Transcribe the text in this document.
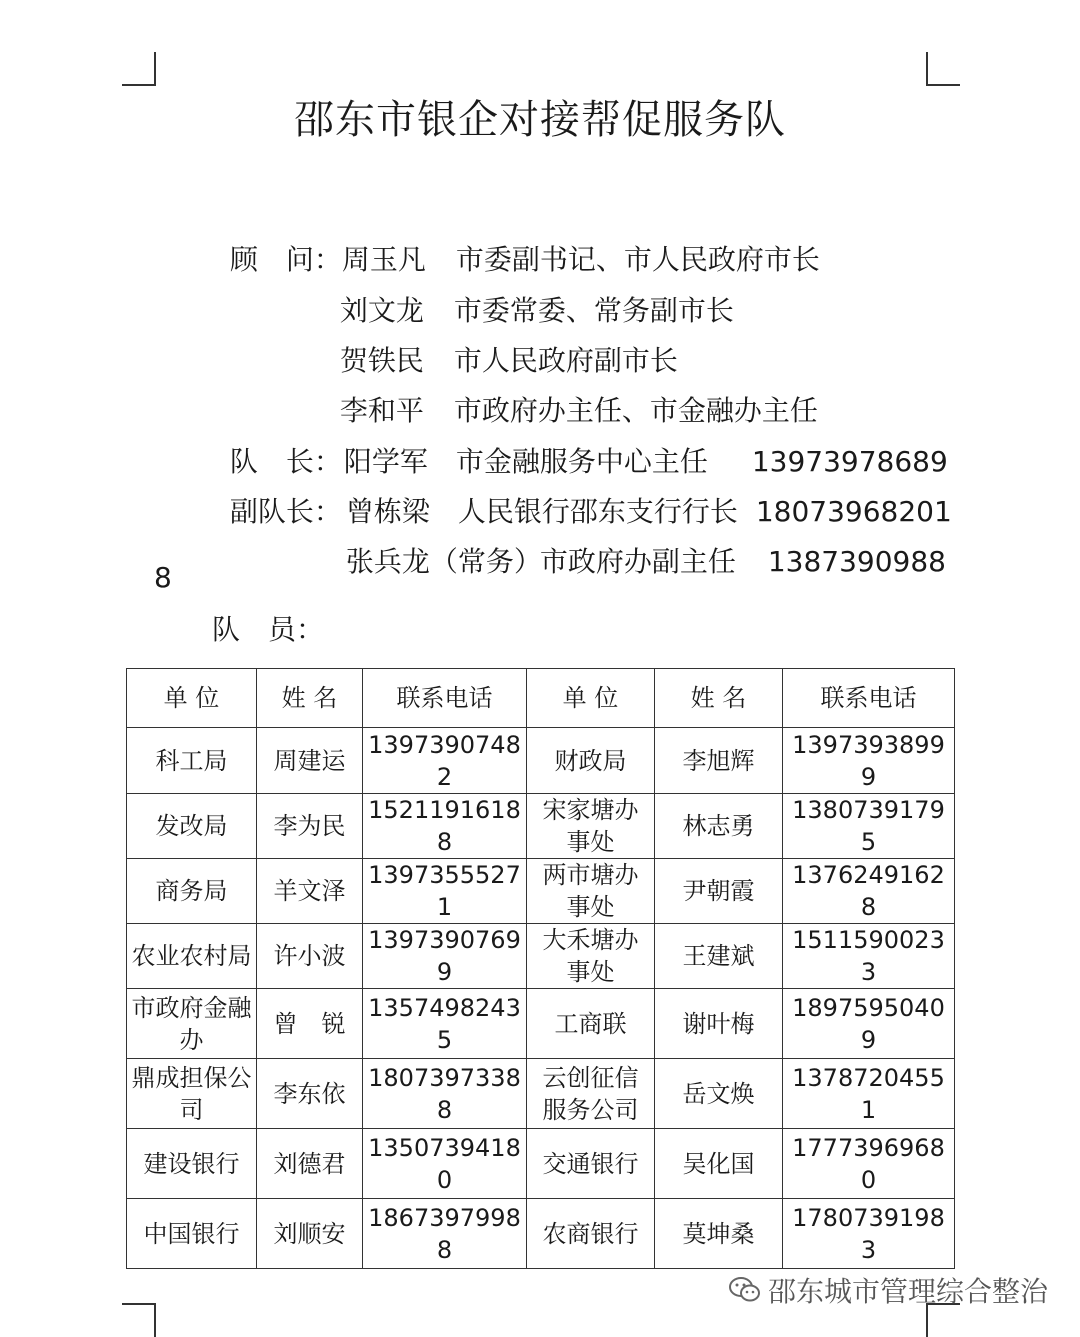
邵东市银企对接帮促服务队

顾　问：周玉凡 市委副书记、市人民政府市长

刘文龙 市委常委、常务副市长

贺铁民 市人民政府副市长

李和平 市政府办主任、市金融办主任

队　长：阳学军 市金融服务中心主任 13973978689

副队长： 曾栋梁 人民银行邵东支行行长 18073968201

张兵龙（常务）市政府办副主任 1387390988

8
队　员：
单 位	姓 名	联系电话	单 位	姓 名	联系电话
科工局	周建运	13973907482	财政局	李旭辉	13973938999
发改局	李为民	15211916188	宋家塘办事处	林志勇	13807391795
商务局	羊文泽	13973555271	两市塘办事处	尹朝霞	13762491628
农业农村局	许小波	13973907699	大禾塘办事处	王建斌	15115900233
市政府金融办	曾　锐	13574982435	工商联	谢叶梅	18975950409
鼎成担保公司	李东依	18073973388	云创征信服务公司	岳文焕	13787204551
建设银行	刘德君	13507394180	交通银行	吴化国	17773969680
中国银行	刘顺安	18673979988	农商银行	莫坤桑	17807391983
邵东城市管理综合整治
